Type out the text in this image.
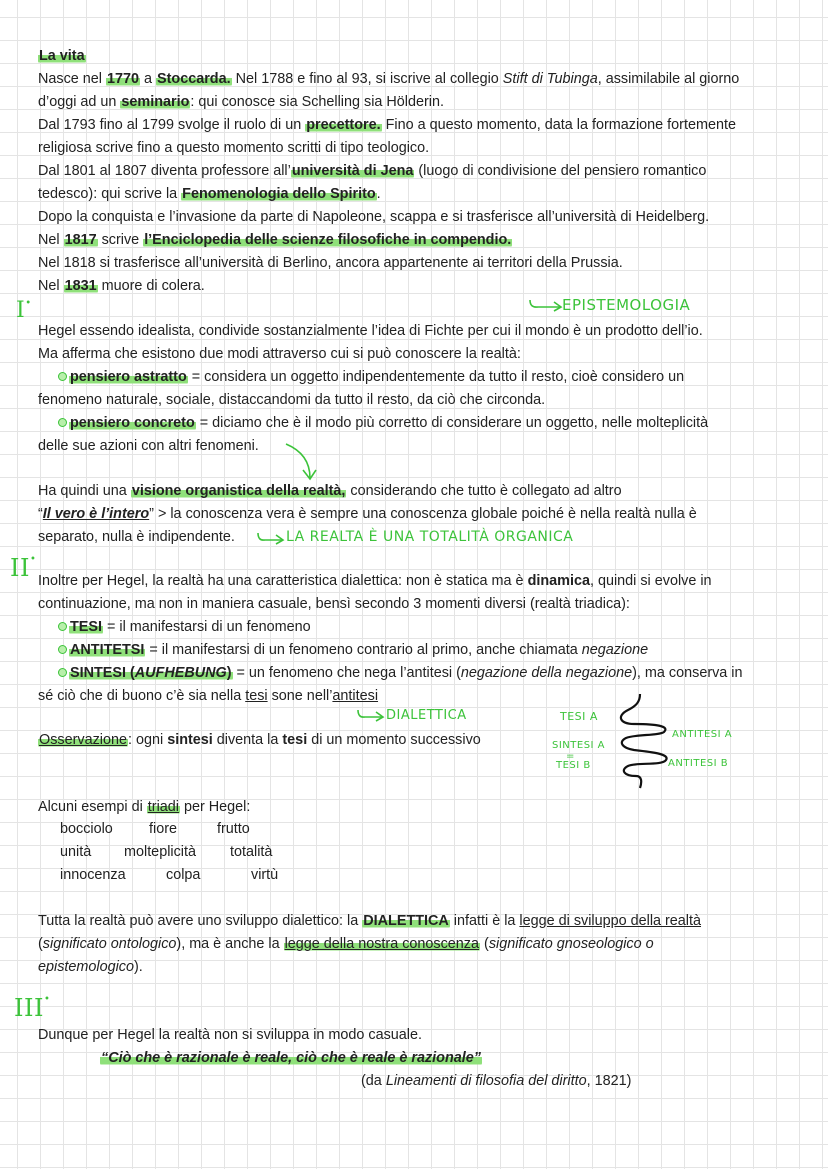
La vita
Nasce nel 1770 a Stoccarda. Nel 1788 e fino al 93, si iscrive al collegio Stift di Tubinga, assimilabile al giorno
d’oggi ad un seminario: qui conosce sia Schelling sia Hölderin.
Dal 1793 fino al 1799 svolge il ruolo di un precettore. Fino a questo momento, data la formazione fortemente
religiosa scrive fino a questo momento scritti di tipo teologico.
Dal 1801 al 1807 diventa professore all’università di Jena (luogo di condivisione del pensiero romantico
tedesco): qui scrive la Fenomenologia dello Spirito.
Dopo la conquista e l’invasione da parte di Napoleone, scappa e si trasferisce all’università di Heidelberg.
Nel 1817 scrive l’Enciclopedia delle scienze filosofiche in compendio.
Nel 1818 si trasferisce all’università di Berlino, ancora appartenente ai territori della Prussia.
Nel 1831 muore di colera.
I•	EPISTEMOLOGIA
Hegel essendo idealista, condivide sostanzialmente l’idea di Fichte per cui il mondo è un prodotto dell’io.
Ma afferma che esistono due modi attraverso cui si può conoscere la realtà:
pensiero astratto = considera un oggetto indipendentemente da tutto il resto, cioè considero un
fenomeno naturale, sociale, distaccandomi da tutto il resto, da ciò che circonda.
pensiero concreto = diciamo che è il modo più corretto di considerare un oggetto, nelle molteplicità
delle sue azioni con altri fenomeni.
Ha quindi una visione organistica della realtà, considerando che tutto è collegato ad altro
“Il vero è l’intero” > la conoscenza vera è sempre una conoscenza globale poiché è nella realtà nulla è
separato, nulla è indipendente.	LA REALTA È UNA TOTALITÀ ORGANICA
II•
Inoltre per Hegel, la realtà ha una caratteristica dialettica: non è statica ma è dinamica, quindi si evolve in
continuazione, ma non in maniera casuale, bensì secondo 3 momenti diversi (realtà triadica):
TESI = il manifestarsi di un fenomeno
ANTITETSI = il manifestarsi di un fenomeno contrario al primo, anche chiamata negazione
SINTESI (AUFHEBUNG) = un fenomeno che nega l’antitesi (negazione della negazione), ma conserva in
sé ciò che di buono c’è sia nella tesi sone nell’antitesi
DIALETTICA
Osservazione: ogni sintesi diventa la tesi di un momento successivo
TESI A
SINTESI A
=
TESI B
ANTITESI A
ANTITESI B
Alcuni esempi di triadi per Hegel:
bocciolo	fiore	frutto
unità molteplicità totalità
innocenza	colpa	virtù
Tutta la realtà può avere uno sviluppo dialettico: la DIALETTICA infatti è la legge di sviluppo della realtà
(significato ontologico), ma è anche la legge della nostra conoscenza (significato gnoseologico o
epistemologico).
III•
Dunque per Hegel la realtà non si sviluppa in modo casuale.
“Ciò che è razionale è reale, ciò che è reale è razionale”
(da Lineamenti di filosofia del diritto, 1821)
